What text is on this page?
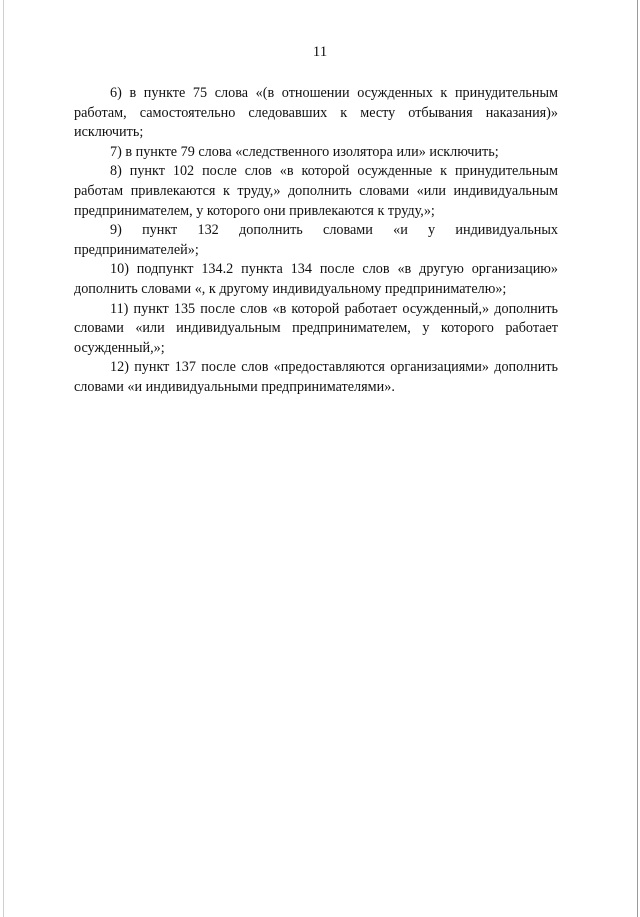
11

6) в пункте 75 слова «(в отношении осужденных к принудительным работам, самостоятельно следовавших к месту отбывания наказания)» исключить;

7) в пункте 79 слова «следственного изолятора или» исключить;

8) пункт 102 после слов «в которой осужденные к принудительным работам привлекаются к труду,» дополнить словами «или индивидуальным предпринимателем, у которого они привлекаются к труду,»;

9) пункт 132 дополнить словами «и у индивидуальных предпринимателей»;

10) подпункт 134.2 пункта 134 после слов «в другую организацию» дополнить словами «, к другому индивидуальному предпринимателю»;

11) пункт 135 после слов «в которой работает осужденный,» дополнить словами «или индивидуальным предпринимателем, у которого работает осужденный,»;

12) пункт 137 после слов «предоставляются организациями» дополнить словами «и индивидуальными предпринимателями».
